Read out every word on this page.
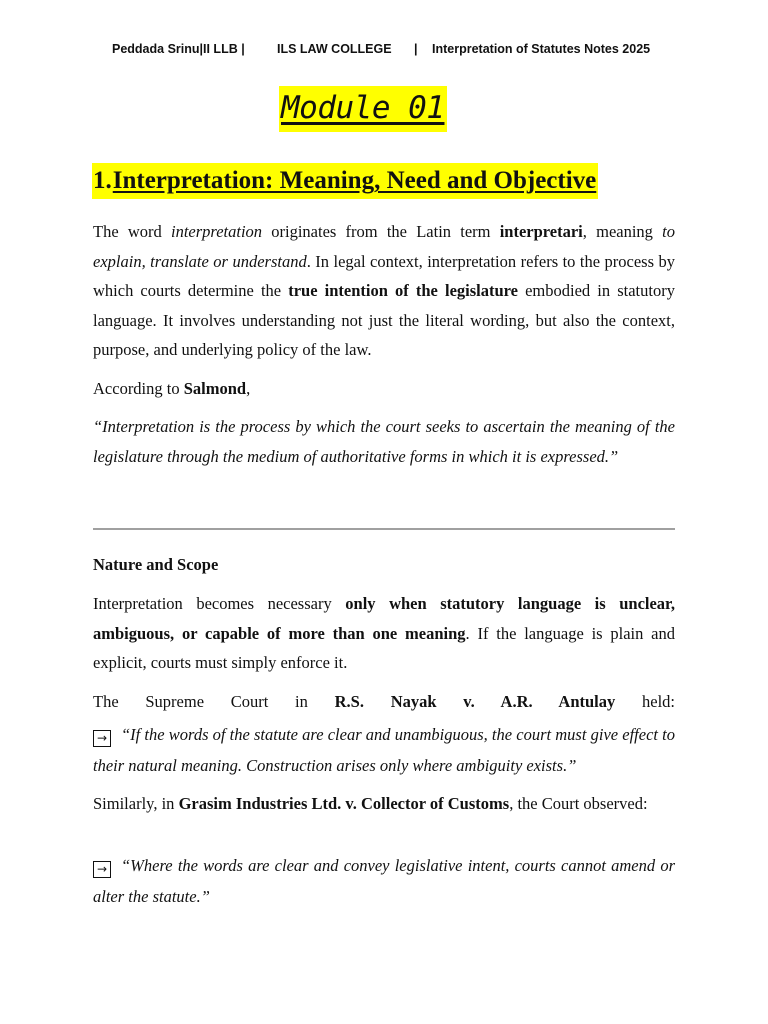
Peddada Srinu|II LLB |	ILS LAW COLLEGE | Interpretation of Statutes Notes 2025
Module 01
1.Interpretation: Meaning, Need and Objective

The word interpretation originates from the Latin term interpretari, meaning to explain, translate or understand. In legal context, interpretation refers to the process by which courts determine the true intention of the legislature embodied in statutory language. It involves understanding not just the literal wording, but also the context, purpose, and underlying policy of the law.

According to Salmond,

“Interpretation is the process by which the court seeks to ascertain the meaning of the legislature through the medium of authoritative forms in which it is expressed.”

Nature and Scope

Interpretation becomes necessary only when statutory language is unclear, ambiguous, or capable of more than one meaning. If the language is plain and explicit, courts must simply enforce it.

The Supreme Court in R.S. Nayak v. A.R. Antulay held:

→ “If the words of the statute are clear and unambiguous, the court must give effect to their natural meaning. Construction arises only where ambiguity exists.”

Similarly, in Grasim Industries Ltd. v. Collector of Customs, the Court observed:

→ “Where the words are clear and convey legislative intent, courts cannot amend or alter the statute.”
